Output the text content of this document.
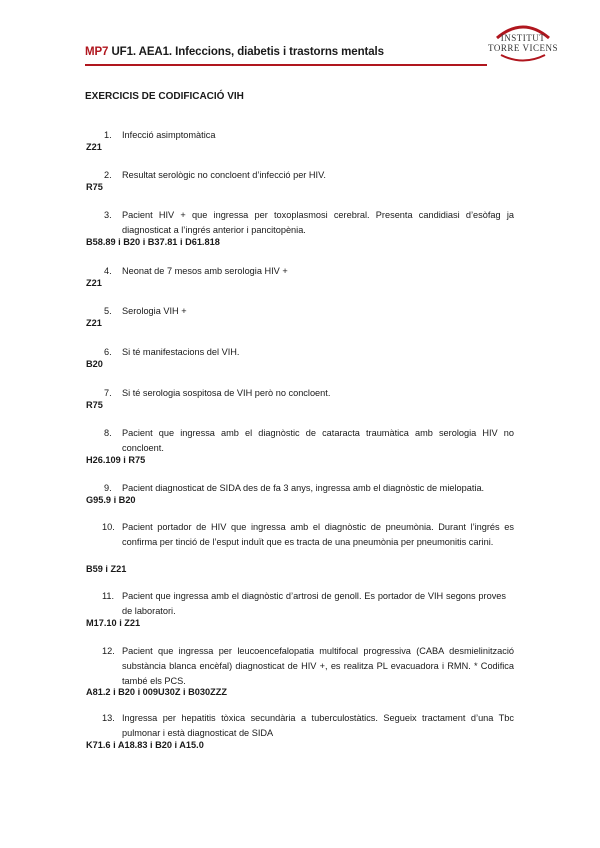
MP7 UF1. AEA1. Infeccions, diabetis i trastorns mentals
INSTITUT
TORRE VICENS
EXERCICIS DE CODIFICACIÓ VIH
1. Infecció asimptomàtica
Z21
2. Resultat serològic no concloent d’infecció per HIV.
R75
3. Pacient HIV + que ingressa per toxoplasmosi cerebral. Presenta candidiasi d’esòfag ja diagnosticat a l’ingrés anterior i pancitopènia.
B58.89 i B20 i B37.81 i D61.818
4. Neonat de 7 mesos amb serologia HIV +
Z21
5. Serologia VIH +
Z21
6. Si té manifestacions del VIH.
B20
7. Si té serologia sospitosa de VIH però no concloent.
R75
8. Pacient que ingressa amb el diagnòstic de cataracta traumàtica amb serologia HIV no concloent.
H26.109 i R75
9. Pacient diagnosticat de SIDA des de fa 3 anys, ingressa amb el diagnòstic de mielopatia.
G95.9 i B20
10. Pacient portador de HIV que ingressa amb el diagnòstic de pneumònia. Durant l’ingrés es confirma per tinció de l’esput induït que es tracta de una pneumònia per pneumonitis carini.
B59 i Z21
11. Pacient que ingressa amb el diagnòstic d’artrosi de genoll. Es portador de VIH segons proves de laboratori.
M17.10 i Z21
12. Pacient que ingressa per leucoencefalopatia multifocal progressiva (CABA desmielinització substància blanca encèfal) diagnosticat de HIV +, es realitza PL evacuadora i RMN. * Codifica també els PCS.
A81.2 i B20 i 009U30Z i B030ZZZ
13. Ingressa per hepatitis tòxica secundària a tuberculostàtics. Segueix tractament d’una Tbc pulmonar i està diagnosticat de SIDA
K71.6 i A18.83 i B20 i A15.0
